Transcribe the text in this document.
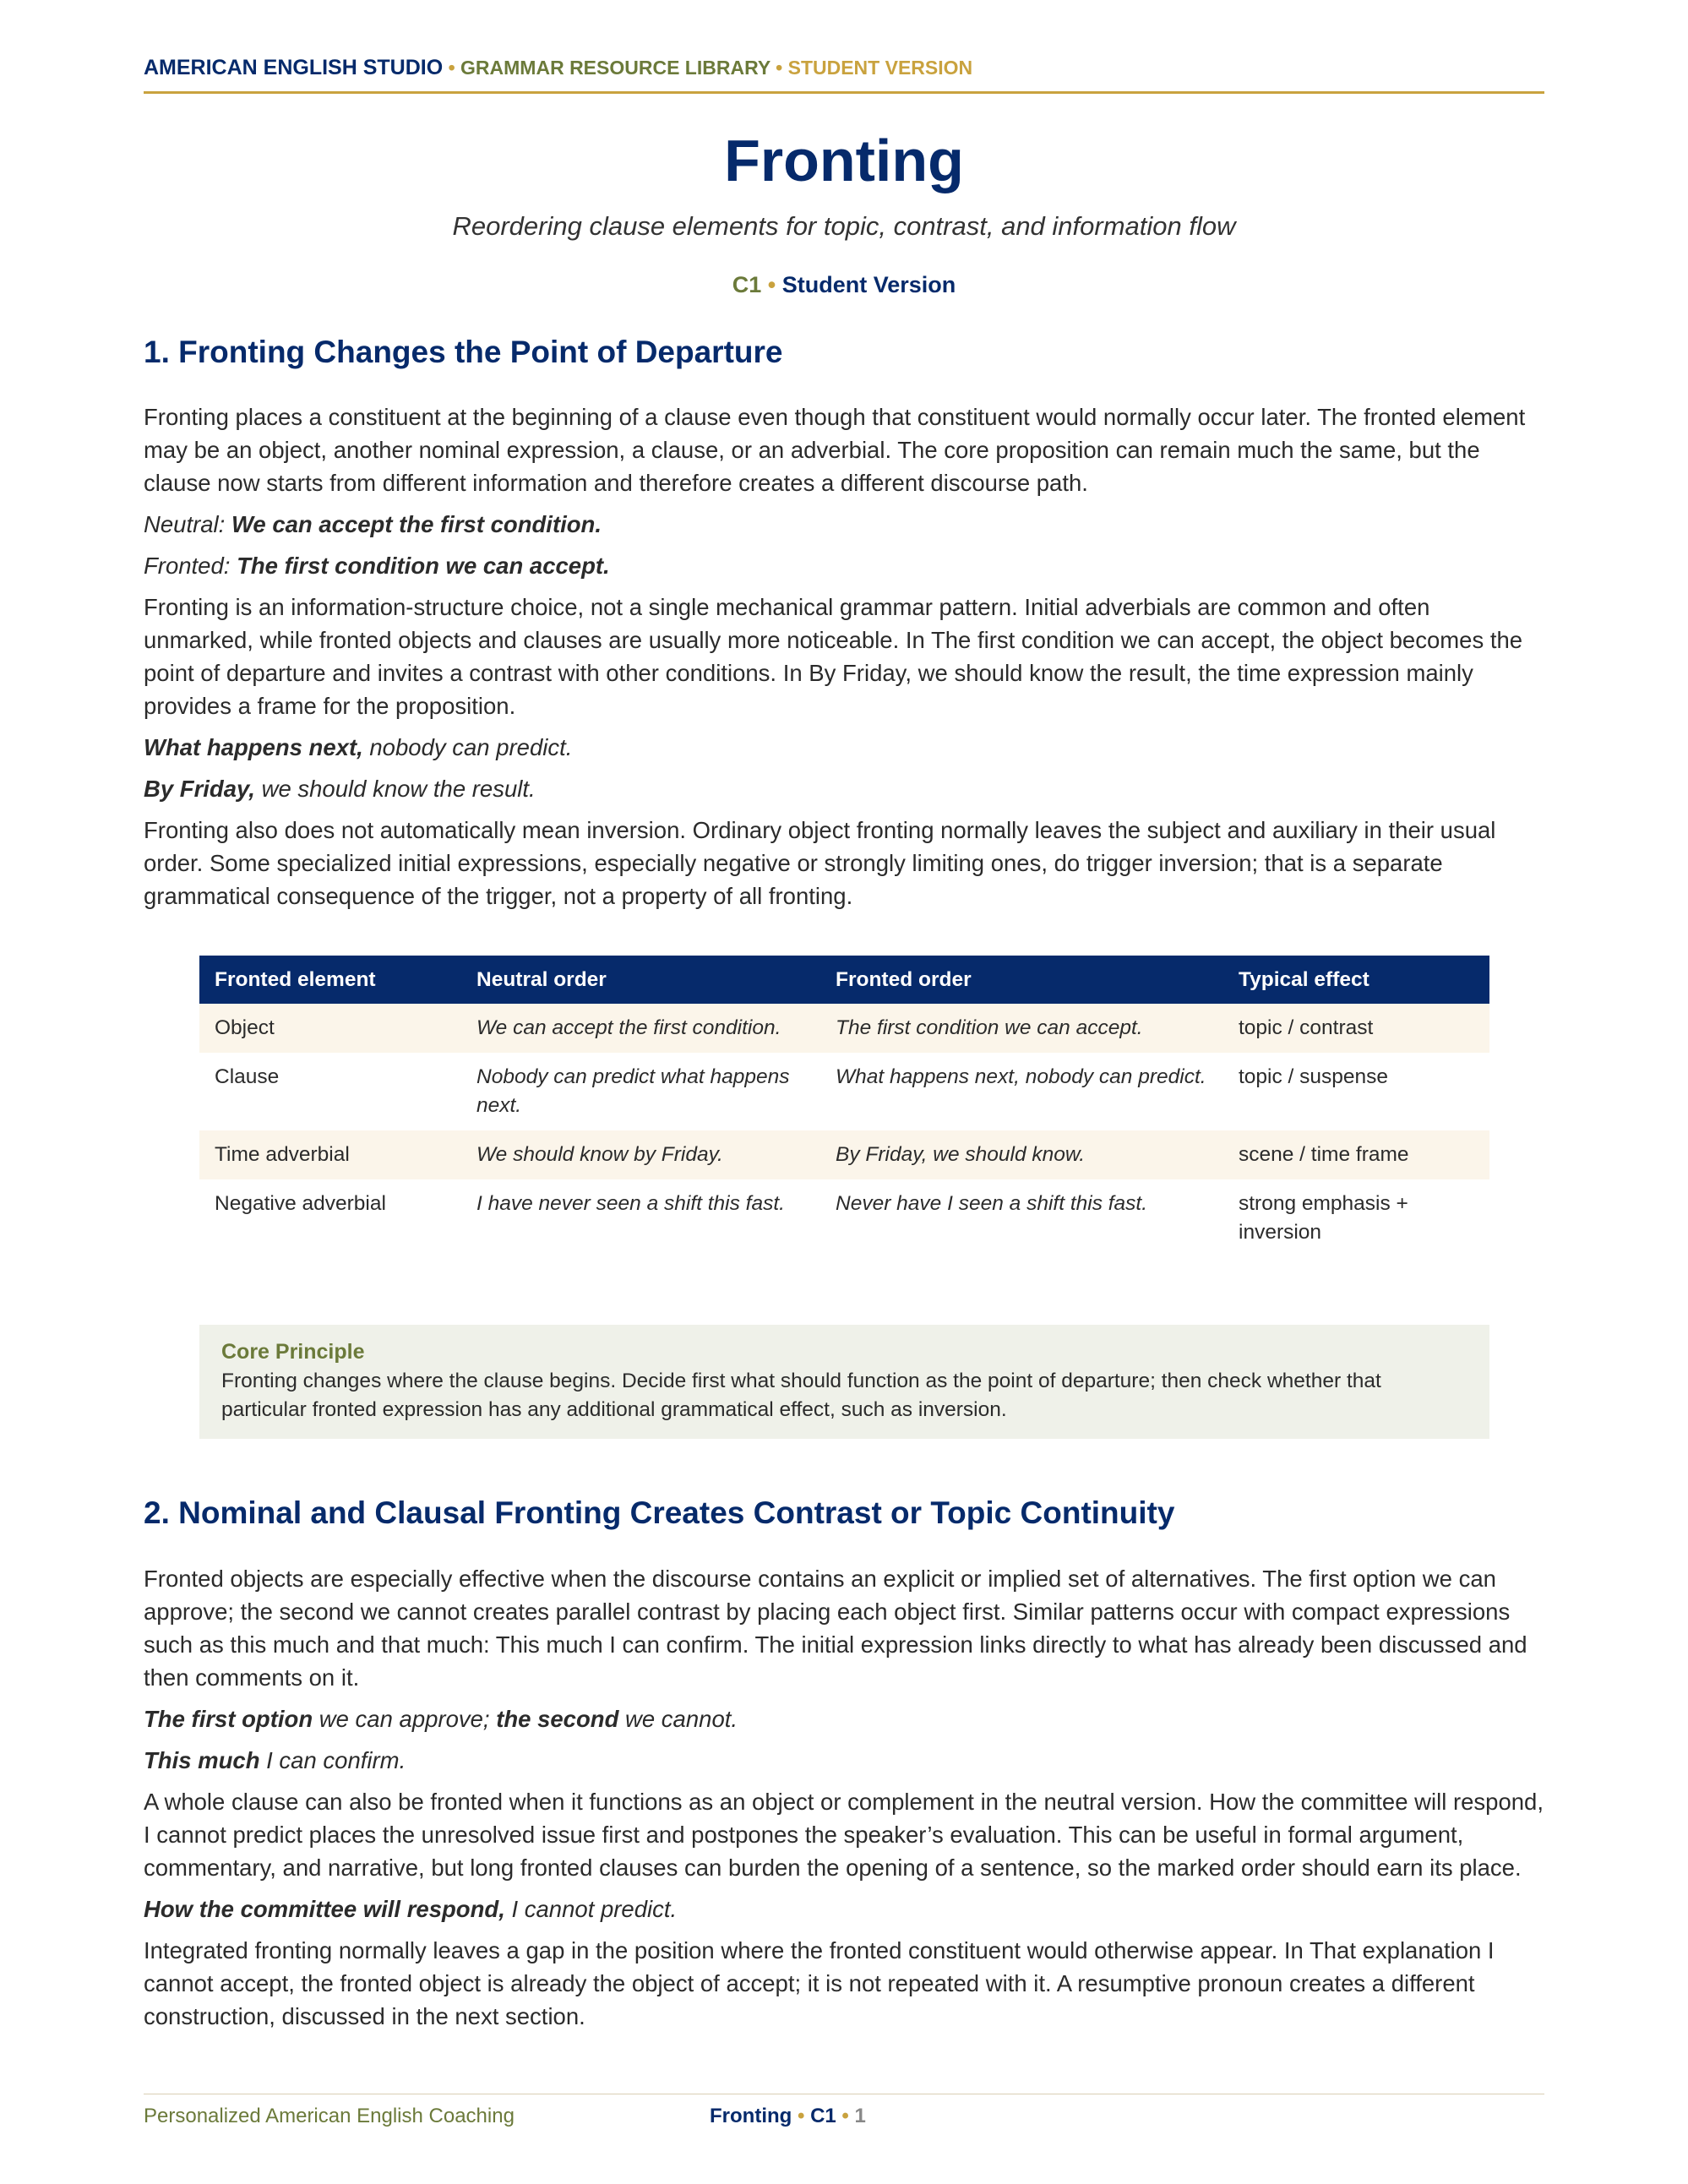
AMERICAN ENGLISH STUDIO • GRAMMAR RESOURCE LIBRARY • STUDENT VERSION
Fronting
Reordering clause elements for topic, contrast, and information flow
C1 • Student Version
1. Fronting Changes the Point of Departure

Fronting places a constituent at the beginning of a clause even though that constituent would normally occur later. The fronted element may be an object, another nominal expression, a clause, or an adverbial. The core proposition can remain much the same, but the clause now starts from different information and therefore creates a different discourse path.

Neutral: We can accept the first condition.

Fronted: The first condition we can accept.

Fronting is an information-structure choice, not a single mechanical grammar pattern. Initial adverbials are common and often unmarked, while fronted objects and clauses are usually more noticeable. In The first condition we can accept, the object becomes the point of departure and invites a contrast with other conditions. In By Friday, we should know the result, the time expression mainly provides a frame for the proposition.

What happens next, nobody can predict.

By Friday, we should know the result.

Fronting also does not automatically mean inversion. Ordinary object fronting normally leaves the subject and auxiliary in their usual order. Some specialized initial expressions, especially negative or strongly limiting ones, do trigger inversion; that is a separate grammatical consequence of the trigger, not a property of all fronting.

Fronted element	Neutral order	Fronted order	Typical effect
Object	We can accept the first condition.	The first condition we can accept.	topic / contrast
Clause	Nobody can predict what happens next.	What happens next, nobody can predict.	topic / suspense
Time adverbial	We should know by Friday.	By Friday, we should know.	scene / time frame
Negative adverbial	I have never seen a shift this fast.	Never have I seen a shift this fast.	strong emphasis + inversion
Core Principle
Fronting changes where the clause begins. Decide first what should function as the point of departure; then check whether that particular fronted expression has any additional grammatical effect, such as inversion.
2. Nominal and Clausal Fronting Creates Contrast or Topic Continuity

Fronted objects are especially effective when the discourse contains an explicit or implied set of alternatives. The first option we can approve; the second we cannot creates parallel contrast by placing each object first. Similar patterns occur with compact expressions such as this much and that much: This much I can confirm. The initial expression links directly to what has already been discussed and then comments on it.

The first option we can approve; the second we cannot.

This much I can confirm.

A whole clause can also be fronted when it functions as an object or complement in the neutral version. How the committee will respond, I cannot predict places the unresolved issue first and postpones the speaker’s evaluation. This can be useful in formal argument, commentary, and narrative, but long fronted clauses can burden the opening of a sentence, so the marked order should earn its place.

How the committee will respond, I cannot predict.

Integrated fronting normally leaves a gap in the position where the fronted constituent would otherwise appear. In That explanation I cannot accept, the fronted object is already the object of accept; it is not repeated with it. A resumptive pronoun creates a different construction, discussed in the next section.

Personalized American English Coaching	Fronting • C1 • 1
